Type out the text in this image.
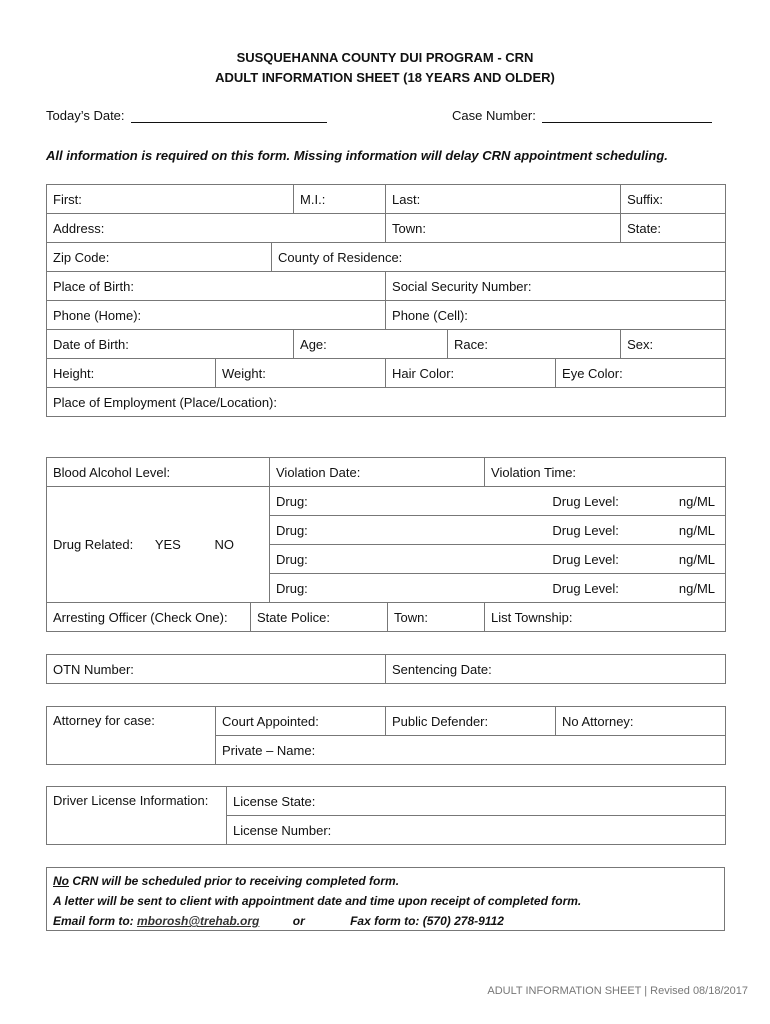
SUSQUEHANNA COUNTY DUI PROGRAM - CRN
ADULT INFORMATION SHEET (18 YEARS AND OLDER)
Today’s Date:	Case Number:
All information is required on this form. Missing information will delay CRN appointment scheduling.
First:			M.I.:	Last:			Suffix:
Address:				Town:			State:
Zip Code:		County of Residence:					
Place of Birth:				Social Security Number:			
Phone (Home):				Phone (Cell):			
Date of Birth:			Age:		Race:		Sex:
Height:	Weight:			Hair Color:		Eye Color:	
Place of Employment (Place/Location):							
Blood Alcohol Level:		Violation Date:		Violation Time:
Drug Related: YES NO		Drug: Drug Level: ng/ML		

		Drug: Drug Level: ng/ML		

		Drug: Drug Level: ng/ML		

		Drug: Drug Level: ng/ML		

Arresting Officer (Check One):	State Police:		Town:	List Township:
OTN Number:	Sentencing Date:
Attorney for case:	Court Appointed:	Public Defender:	No Attorney:
Private – Name:
Driver License Information:	License State:
License Number:
No CRN will be scheduled prior to receiving completed form.
A letter will be sent to client with appointment date and time upon receipt of completed form.
Email form to: mborosh@trehab.org	or	Fax form to: (570) 278-9112
ADULT INFORMATION SHEET | Revised 08/18/2017
